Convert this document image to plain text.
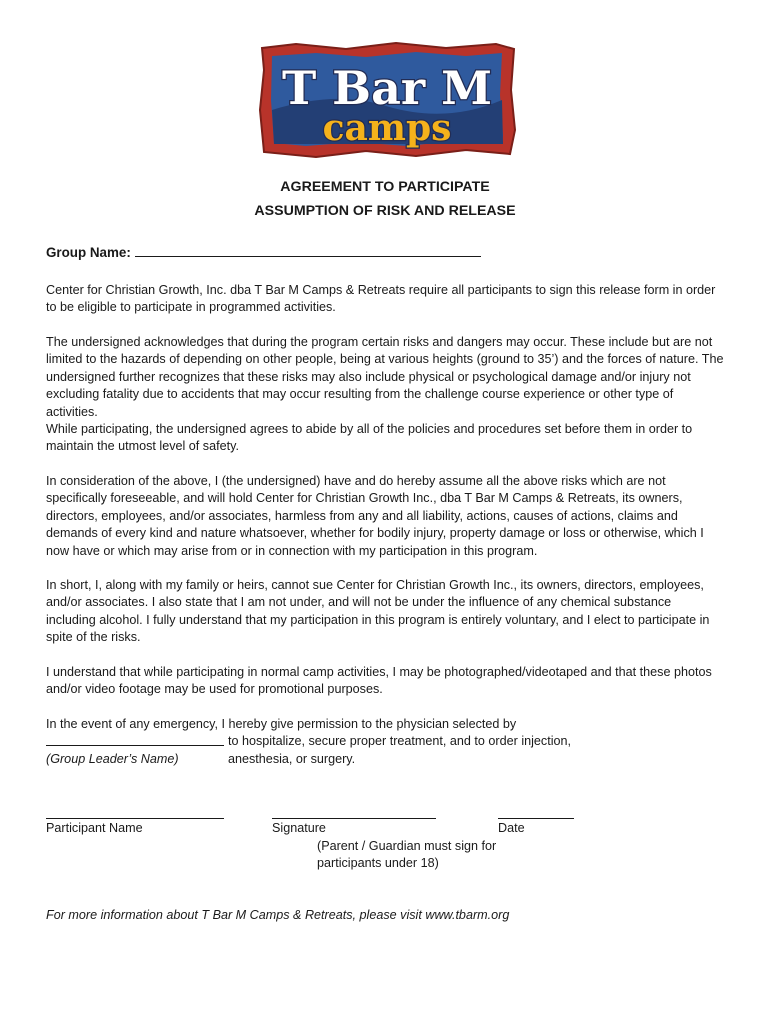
T Bar M
camps
AGREEMENT TO PARTICIPATE
ASSUMPTION OF RISK AND RELEASE
Group Name:

Center for Christian Growth, Inc. dba T Bar M Camps & Retreats require all participants to sign this release form in order to be eligible to participate in programmed activities.

The undersigned acknowledges that during the program certain risks and dangers may occur. These include but are not limited to the hazards of depending on other people, being at various heights (ground to 35’) and the forces of nature. The undersigned further recognizes that these risks may also include physical or psychological damage and/or injury not excluding fatality due to accidents that may occur resulting from the challenge course experience or other type of activities.
While participating, the undersigned agrees to abide by all of the policies and procedures set before them in order to maintain the utmost level of safety.

In consideration of the above, I (the undersigned) have and do hereby assume all the above risks which are not specifically foreseeable, and will hold Center for Christian Growth Inc., dba T Bar M Camps & Retreats, its owners, directors, employees, and/or associates, harmless from any and all liability, actions, causes of actions, claims and demands of every kind and nature whatsoever, whether for bodily injury, property damage or loss or otherwise, which I now have or which may arise from or in connection with my participation in this program.

In short, I, along with my family or heirs, cannot sue Center for Christian Growth Inc., its owners, directors, employees, and/or associates. I also state that I am not under, and will not be under the influence of any chemical substance including alcohol. I fully understand that my participation in this program is entirely voluntary, and I elect to participate in spite of the risks.

I understand that while participating in normal camp activities, I may be photographed/videotaped and that these photos and/or video footage may be used for promotional purposes.

In the event of any emergency, I hereby give permission to the physician selected by

to hospitalize, secure proper treatment, and to order injection,
(Group Leader’s Name)	anesthesia, or surgery.
Participant Name	Signature	Date
(Parent / Guardian must sign for
participants under 18)
For more information about T Bar M Camps & Retreats, please visit www.tbarm.org
